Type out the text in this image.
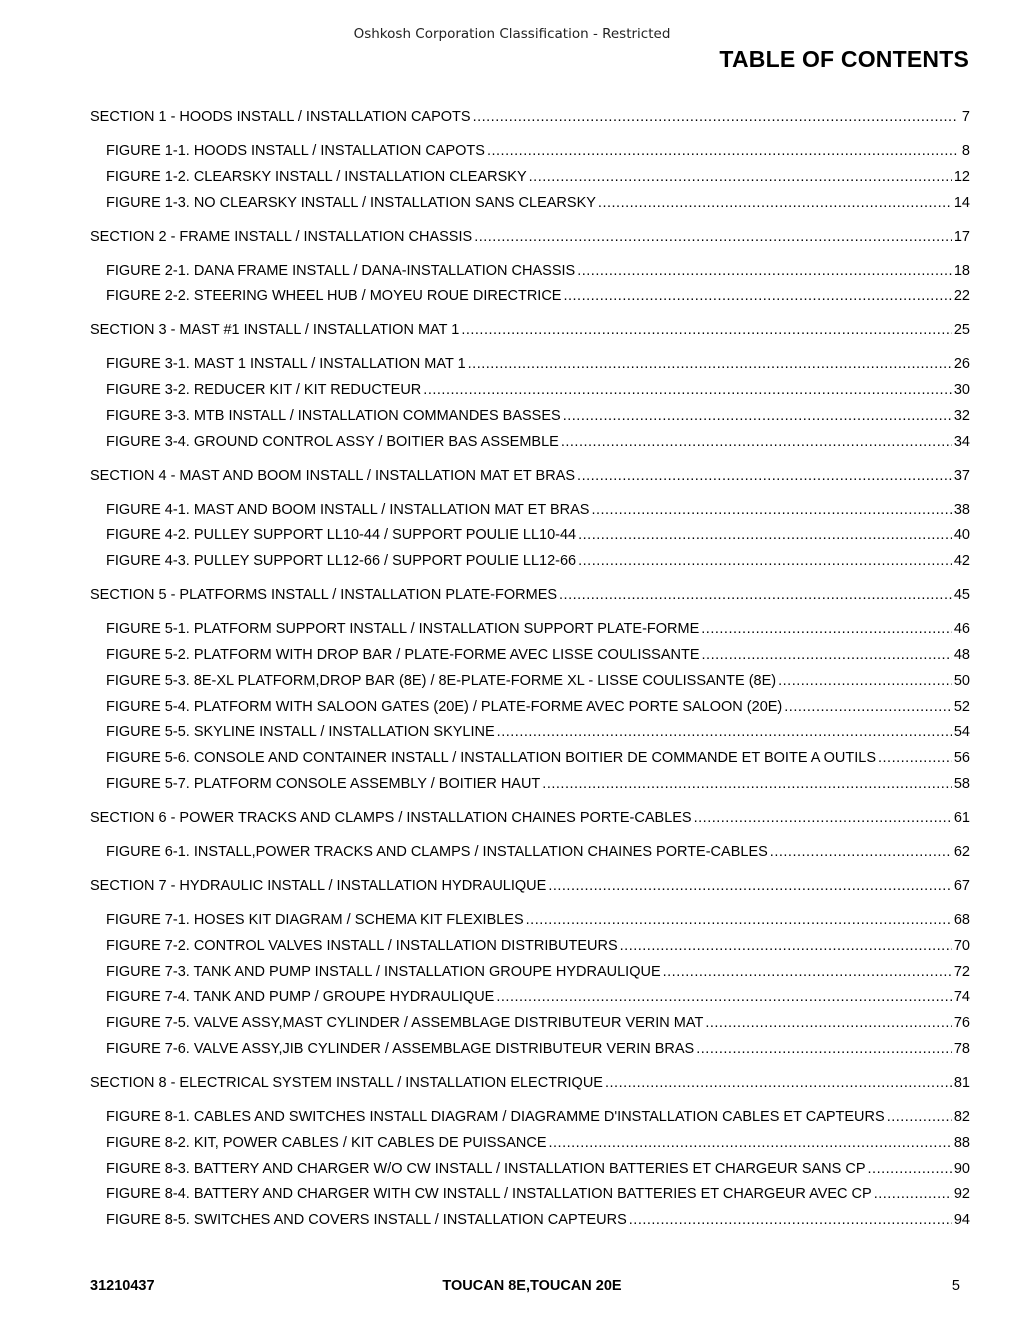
Oshkosh Corporation Classification - Restricted
TABLE OF CONTENTS
SECTION 1 - HOODS INSTALL / INSTALLATION CAPOTS .....	7
FIGURE 1-1. HOODS INSTALL / INSTALLATION CAPOTS .....	8
FIGURE 1-2. CLEARSKY INSTALL / INSTALLATION CLEARSKY .....	12
FIGURE 1-3. NO CLEARSKY INSTALL / INSTALLATION SANS CLEARSKY .....	14
SECTION 2 - FRAME INSTALL / INSTALLATION CHASSIS .....	17
FIGURE 2-1. DANA FRAME INSTALL / DANA-INSTALLATION CHASSIS .....	18
FIGURE 2-2. STEERING WHEEL HUB / MOYEU ROUE DIRECTRICE .....	22
SECTION 3 - MAST #1 INSTALL / INSTALLATION MAT 1 .....	25
FIGURE 3-1. MAST 1 INSTALL / INSTALLATION MAT 1 .....	26
FIGURE 3-2. REDUCER KIT / KIT REDUCTEUR .....	30
FIGURE 3-3. MTB INSTALL / INSTALLATION COMMANDES BASSES .....	32
FIGURE 3-4. GROUND CONTROL ASSY / BOITIER BAS ASSEMBLE .....	34
SECTION 4 - MAST AND BOOM INSTALL / INSTALLATION MAT ET BRAS .....	37
FIGURE 4-1. MAST AND BOOM INSTALL / INSTALLATION MAT ET BRAS .....	38
FIGURE 4-2. PULLEY SUPPORT LL10-44 / SUPPORT POULIE LL10-44 .....	40
FIGURE 4-3. PULLEY SUPPORT LL12-66 / SUPPORT POULIE LL12-66 .....	42
SECTION 5 - PLATFORMS INSTALL / INSTALLATION PLATE-FORMES .....	45
FIGURE 5-1. PLATFORM SUPPORT INSTALL / INSTALLATION SUPPORT PLATE-FORME .....	46
FIGURE 5-2. PLATFORM WITH DROP BAR / PLATE-FORME AVEC LISSE COULISSANTE .....	48
FIGURE 5-3. 8E-XL PLATFORM,DROP BAR (8E) / 8E-PLATE-FORME XL - LISSE COULISSANTE (8E) .....	50
FIGURE 5-4. PLATFORM WITH SALOON GATES (20E) / PLATE-FORME AVEC PORTE SALOON (20E) .....	52
FIGURE 5-5. SKYLINE INSTALL / INSTALLATION SKYLINE .....	54
FIGURE 5-6. CONSOLE AND CONTAINER INSTALL / INSTALLATION BOITIER DE COMMANDE ET BOITE A OUTILS .....	56
FIGURE 5-7. PLATFORM CONSOLE ASSEMBLY / BOITIER HAUT .....	58
SECTION 6 - POWER TRACKS AND CLAMPS / INSTALLATION CHAINES PORTE-CABLES .....	61
FIGURE 6-1. INSTALL,POWER TRACKS AND CLAMPS / INSTALLATION CHAINES PORTE-CABLES .....	62
SECTION 7 - HYDRAULIC INSTALL / INSTALLATION HYDRAULIQUE .....	67
FIGURE 7-1. HOSES KIT DIAGRAM / SCHEMA KIT FLEXIBLES .....	68
FIGURE 7-2. CONTROL VALVES INSTALL / INSTALLATION DISTRIBUTEURS .....	70
FIGURE 7-3. TANK AND PUMP INSTALL / INSTALLATION GROUPE HYDRAULIQUE .....	72
FIGURE 7-4. TANK AND PUMP / GROUPE HYDRAULIQUE .....	74
FIGURE 7-5. VALVE ASSY,MAST CYLINDER / ASSEMBLAGE DISTRIBUTEUR VERIN MAT .....	76
FIGURE 7-6. VALVE ASSY,JIB CYLINDER / ASSEMBLAGE DISTRIBUTEUR VERIN BRAS .....	78
SECTION 8 - ELECTRICAL SYSTEM INSTALL / INSTALLATION ELECTRIQUE .....	81
FIGURE 8-1. CABLES AND SWITCHES INSTALL DIAGRAM / DIAGRAMME D'INSTALLATION CABLES ET CAPTEURS .....	82
FIGURE 8-2. KIT, POWER CABLES / KIT CABLES DE PUISSANCE .....	88
FIGURE 8-3. BATTERY AND CHARGER W/O CW INSTALL / INSTALLATION BATTERIES ET CHARGEUR SANS CP .....	90
FIGURE 8-4. BATTERY AND CHARGER WITH CW INSTALL / INSTALLATION BATTERIES ET CHARGEUR AVEC CP .....	92
FIGURE 8-5. SWITCHES AND COVERS INSTALL / INSTALLATION CAPTEURS .....	94
31210437	TOUCAN 8E,TOUCAN 20E	5
